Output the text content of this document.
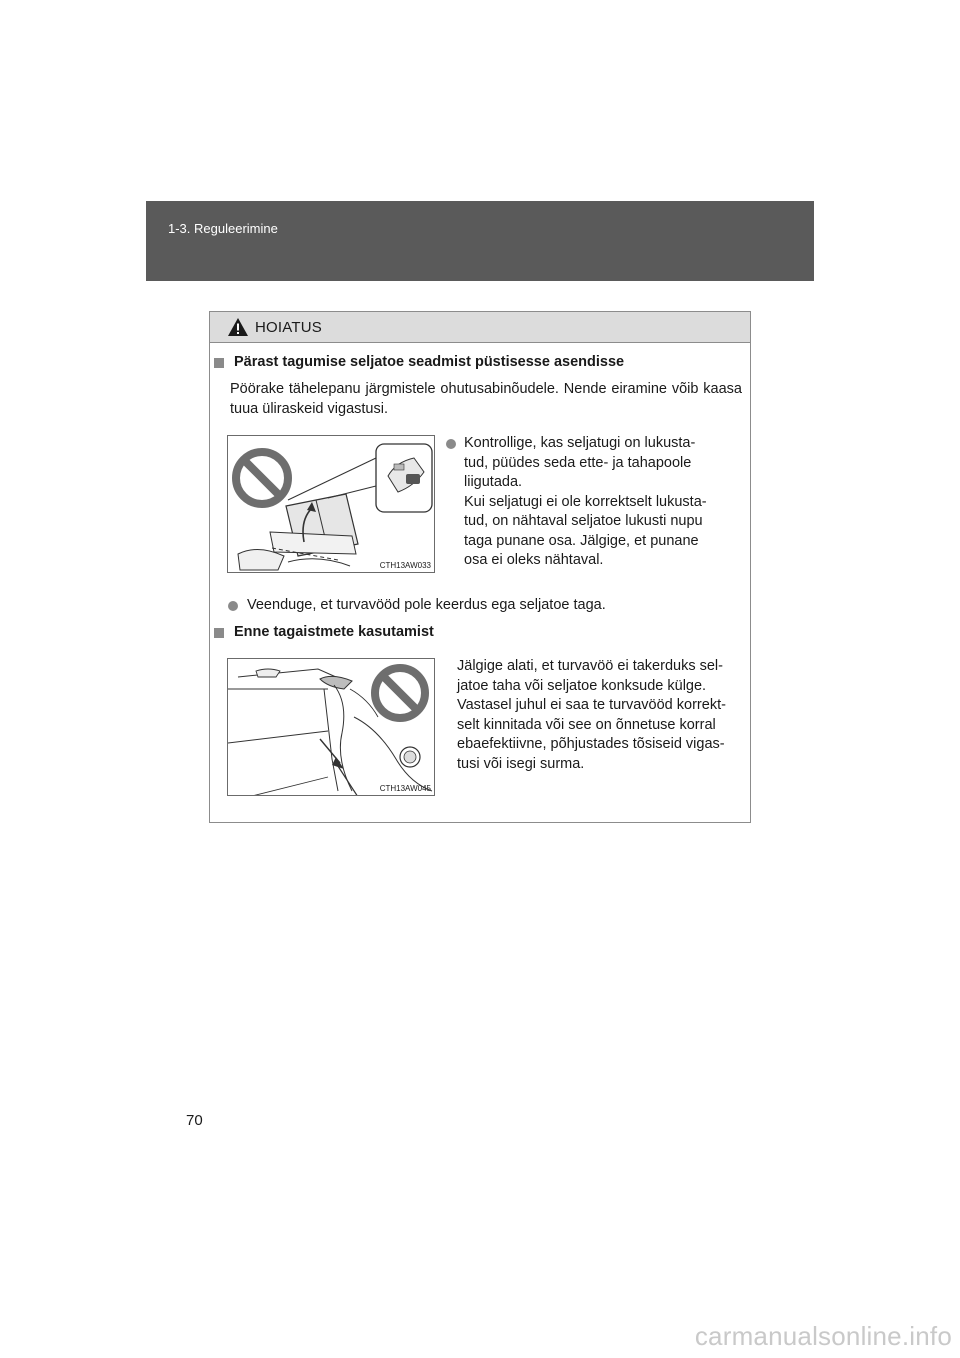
1-3. Reguleerimine
HOIATUS
Pärast tagumise seljatoe seadmist püstisesse asendisse
Pöörake tähelepanu järgmistele ohutusabinõudele. Nende eiramine võib kaasa tuua üliraskeid vigastusi.
CTH13AW033
Kontrollige, kas seljatugi on lukusta-
tud, püüdes seda ette- ja tahapoole
liigutada.
Kui seljatugi ei ole korrektselt lukusta-
tud, on nähtaval seljatoe lukusti nupu
taga punane osa. Jälgige, et punane
osa ei oleks nähtaval.
Veenduge, et turvavööd pole keerdus ega seljatoe taga.
Enne tagaistmete kasutamist
CTH13AW045
Jälgige alati, et turvavöö ei takerduks sel-
jatoe taha või seljatoe konksude külge.
Vastasel juhul ei saa te turvavööd korrekt-
selt kinnitada või see on õnnetuse korral
ebaefektiivne, põhjustades tõsiseid vigas-
tusi või isegi surma.
70
carmanualsonline.info
